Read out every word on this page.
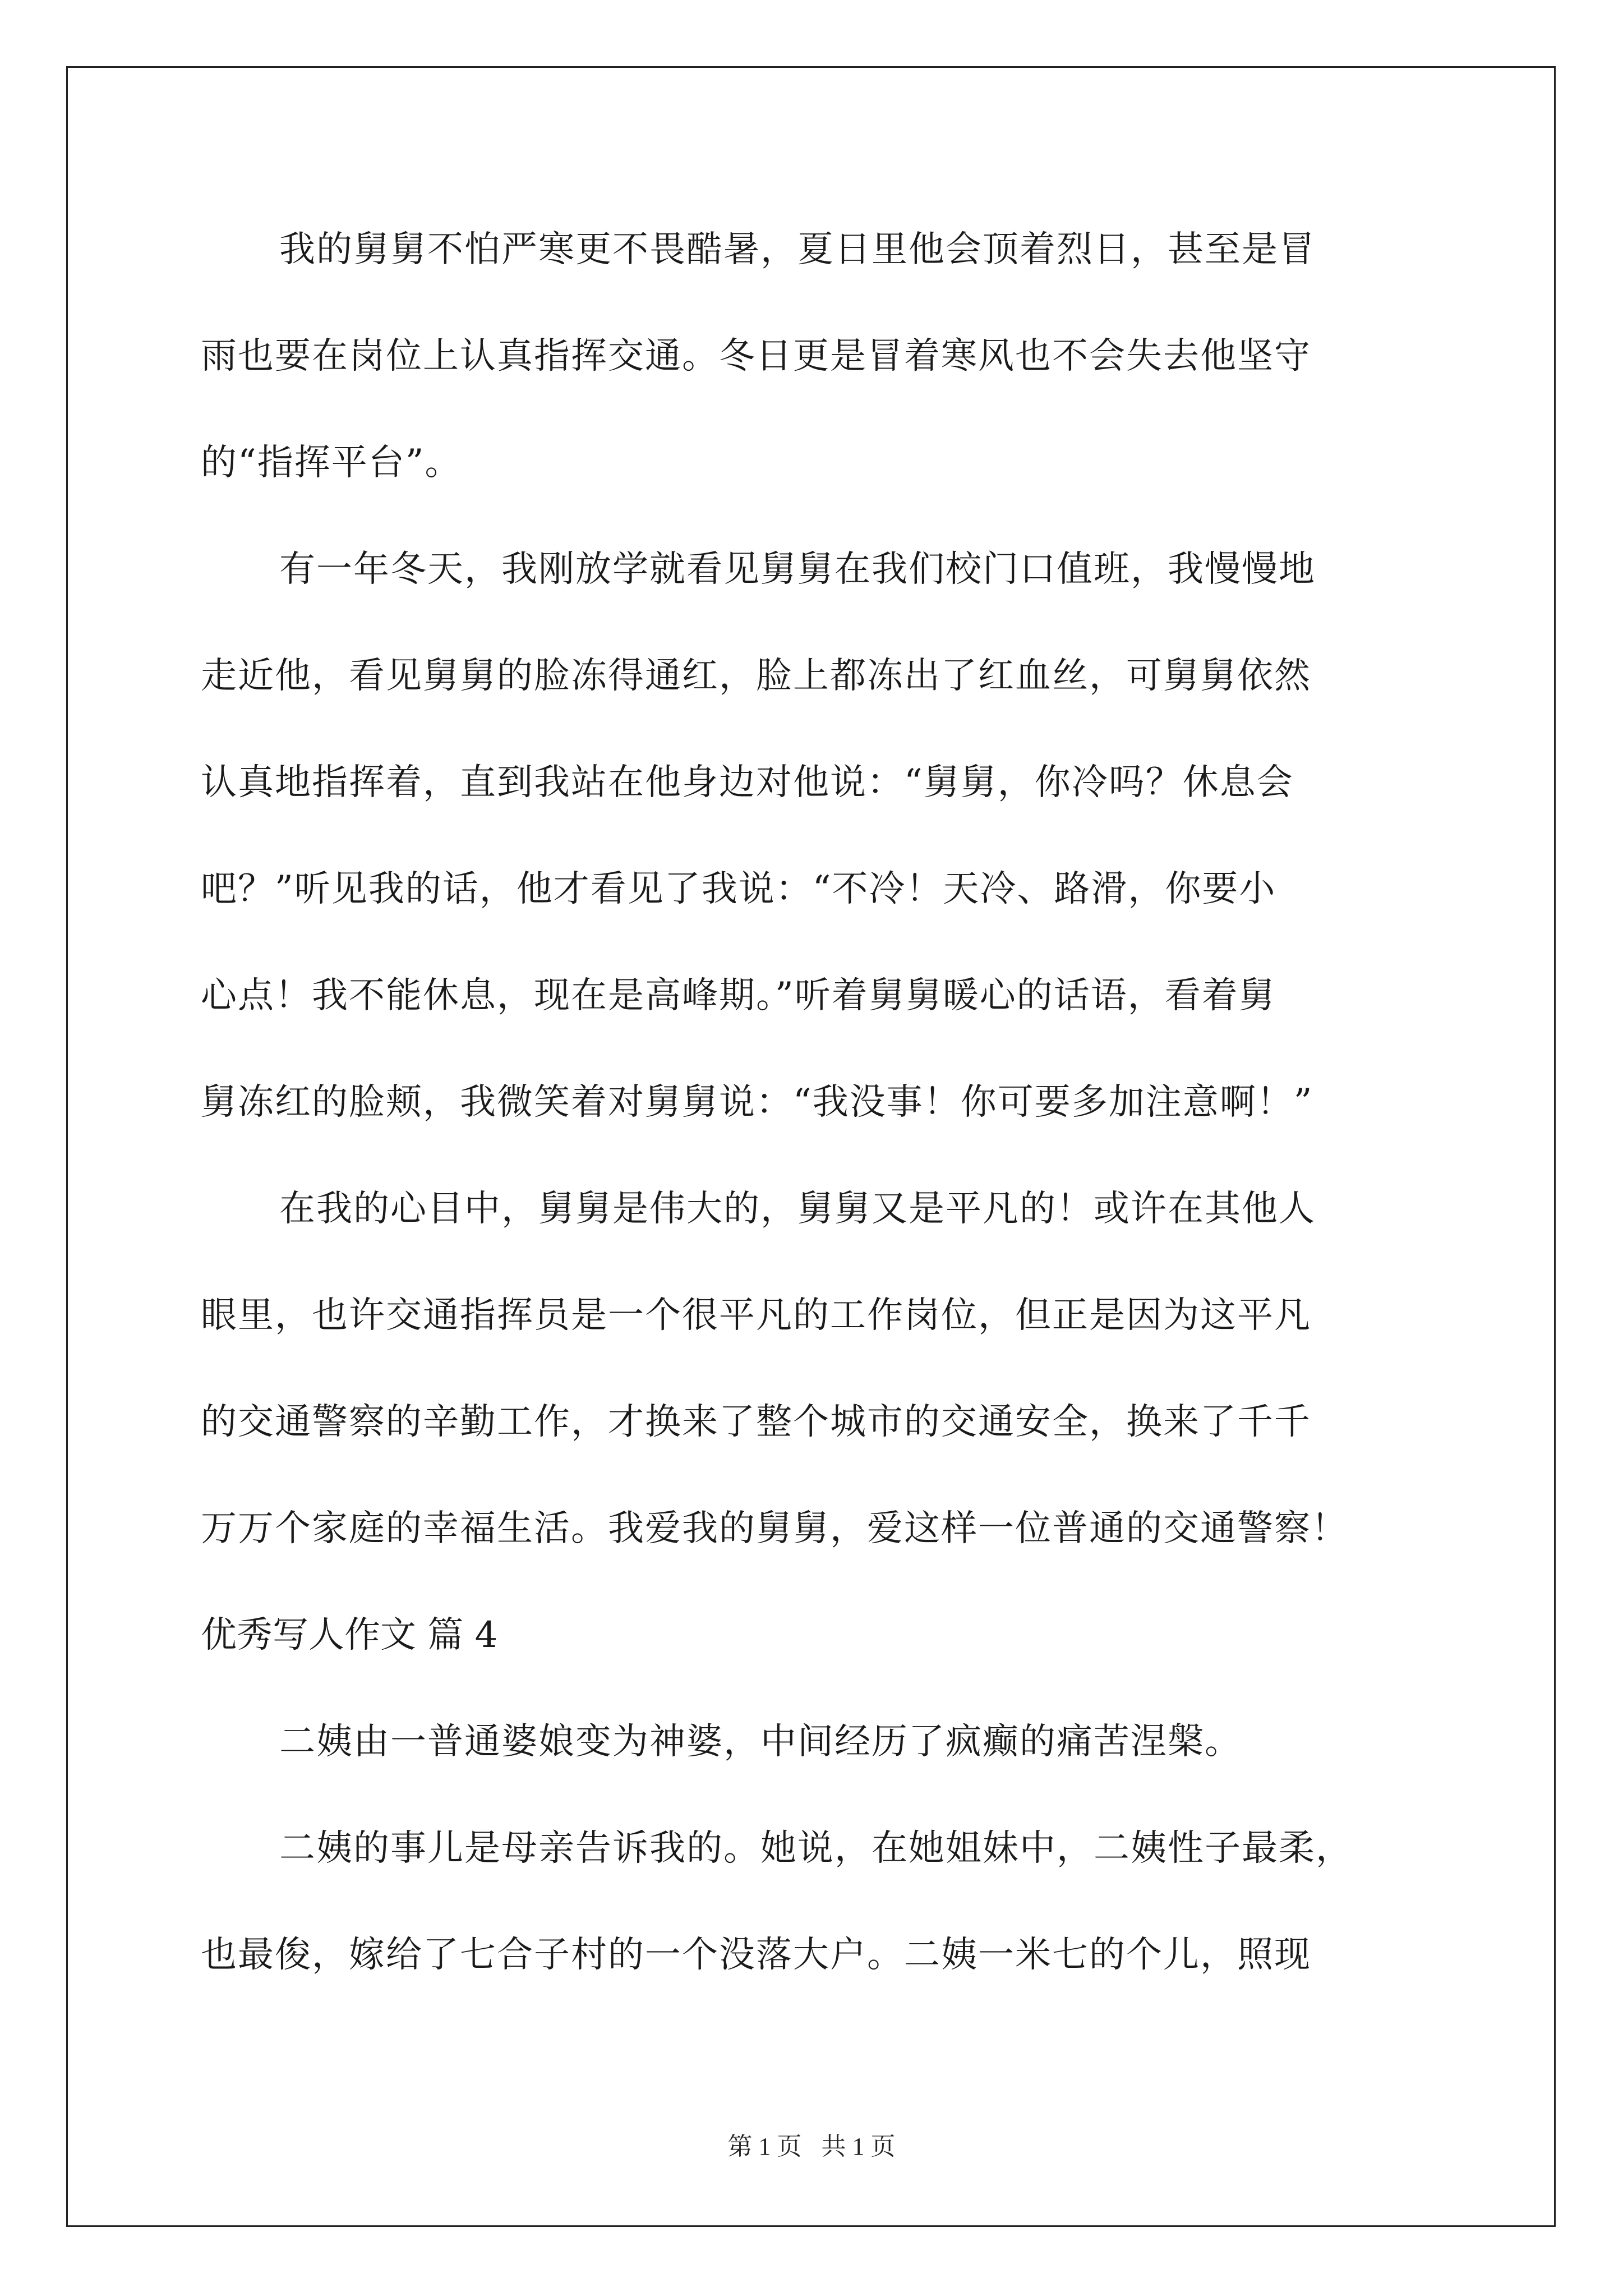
我的舅舅不怕严寒更不畏酷暑，夏日里他会顶着烈日，甚至是冒
雨也要在岗位上认真指挥交通。冬日更是冒着寒风也不会失去他坚守
的“指挥平台”。
有一年冬天，我刚放学就看见舅舅在我们校门口值班，我慢慢地
走近他，看见舅舅的脸冻得通红，脸上都冻出了红血丝，可舅舅依然
认真地指挥着，直到我站在他身边对他说：“舅舅，你冷吗？休息会
吧？”听见我的话，他才看见了我说：“不冷！天冷、路滑，你要小
心点！我不能休息，现在是高峰期。”听着舅舅暖心的话语，看着舅
舅冻红的脸颊，我微笑着对舅舅说：“我没事！你可要多加注意啊！”
在我的心目中，舅舅是伟大的，舅舅又是平凡的！或许在其他人
眼里，也许交通指挥员是一个很平凡的工作岗位，但正是因为这平凡
的交通警察的辛勤工作，才换来了整个城市的交通安全，换来了千千
万万个家庭的幸福生活。我爱我的舅舅，爱这样一位普通的交通警察！
优秀写人作文 篇 4
二姨由一普通婆娘变为神婆，中间经历了疯癫的痛苦涅槃。
二姨的事儿是母亲告诉我的。她说，在她姐妹中，二姨性子最柔，
也最俊，嫁给了七合子村的一个没落大户。二姨一米七的个儿，照现
第 1 页 共 1 页
